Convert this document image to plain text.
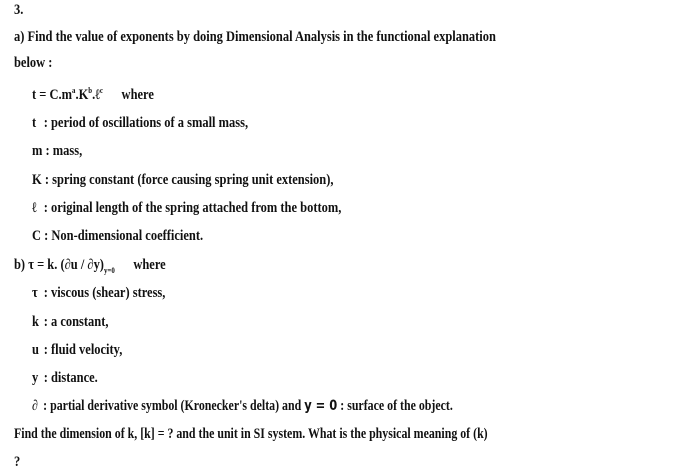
3.
a) Find the value of exponents by doing Dimensional Analysis in the functional explanation
below :
$t = C.m^a.K^b.\ell^c$ where
t : period of oscillations of a small mass,
m : mass,
K : spring constant (force causing spring unit extension),
ℓ : original length of the spring attached from the bottom,
C : Non-dimensional coefficient.
b) τ = k. $(\partial u / \partial y)_{y=0}$ where
τ : viscous (shear) stress,
k : a constant,
u : fluid velocity,
y : distance.
∂ : partial derivative symbol (Kronecker's delta) and y = 0 : surface of the object.
Find the dimension of k, [k] = ? and the unit in SI system. What is the physical meaning of (k)
?
